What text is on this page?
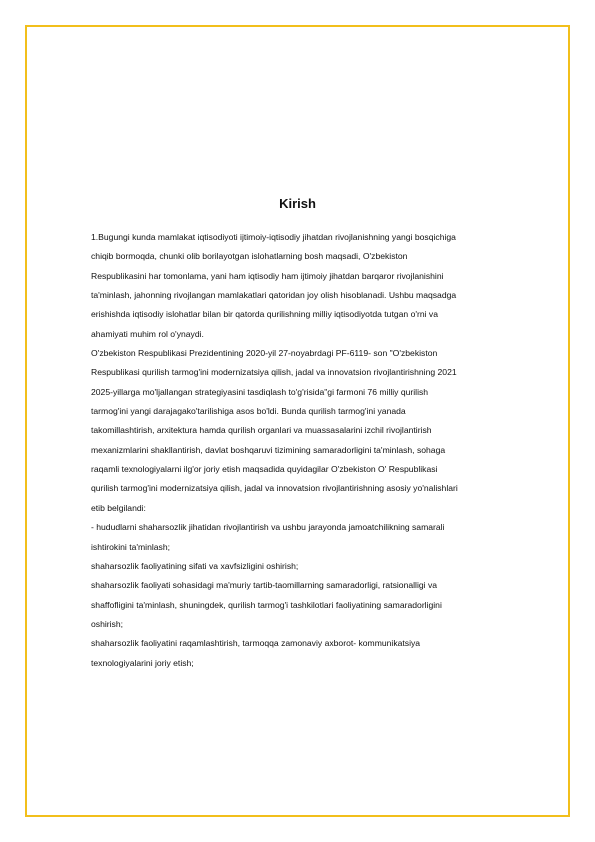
Kirish
1.Bugungi kunda mamlakat iqtisodiyoti ijtimoiy-iqtisodiy jihatdan rivojlanishning yangi bosqichiga
chiqib bormoqda, chunki olib borilayotgan islohatlarning bosh maqsadi, O'zbekiston
Respublikasini har tomonlama, yani ham iqtisodiy ham ijtimoiy jihatdan barqaror rivojlanishini
ta'minlash, jahonning rivojlangan mamlakatlari qatoridan joy olish hisoblanadi. Ushbu maqsadga
erishishda iqtisodiy islohatlar bilan bir qatorda qurilishning milliy iqtisodiyotda tutgan o'rni va
ahamiyati muhim rol o'ynaydi.
O'zbekiston Respublikasi Prezidentining 2020-yil 27-noyabrdagi PF-6119- son "O'zbekiston
Respublikasi qurilish tarmog'ini modernizatsiya qilish, jadal va innovatsion rivojlantirishning 2021
2025-yillarga mo'ljallangan strategiyasini tasdiqlash to'g'risida"gi farmoni 76 milliy qurilish
tarmog'ini yangi darajagako'tarilishiga asos bo'ldi. Bunda qurilish tarmog'ini yanada
takomillashtirish, arxitektura hamda qurilish organlari va muassasalarini izchil rivojlantirish
mexanizmlarini shakllantirish, davlat boshqaruvi tizimining samaradorligini ta'minlash, sohaga
raqamli texnologiyalarni ilg'or joriy etish maqsadida quyidagilar O'zbekiston O' Respublikasi
qurilish tarmog'ini modernizatsiya qilish, jadal va innovatsion rivojlantirishning asosiy yo'nalishlari
etib belgilandi:
- hududlarni shaharsozlik jihatidan rivojlantirish va ushbu jarayonda jamoatchilikning samarali
ishtirokini ta'minlash;
shaharsozlik faoliyatining sifati va xavfsizligini oshirish;
shaharsozlik faoliyati sohasidagi ma'muriy tartib-taomillarning samaradorligi, ratsionalligi va
shaffofligini ta'minlash, shuningdek, qurilish tarmog'i tashkilotlari faoliyatining samaradorligini
oshirish;
shaharsozlik faoliyatini raqamlashtirish, tarmoqqa zamonaviy axborot- kommunikatsiya
texnologiyalarini joriy etish;
